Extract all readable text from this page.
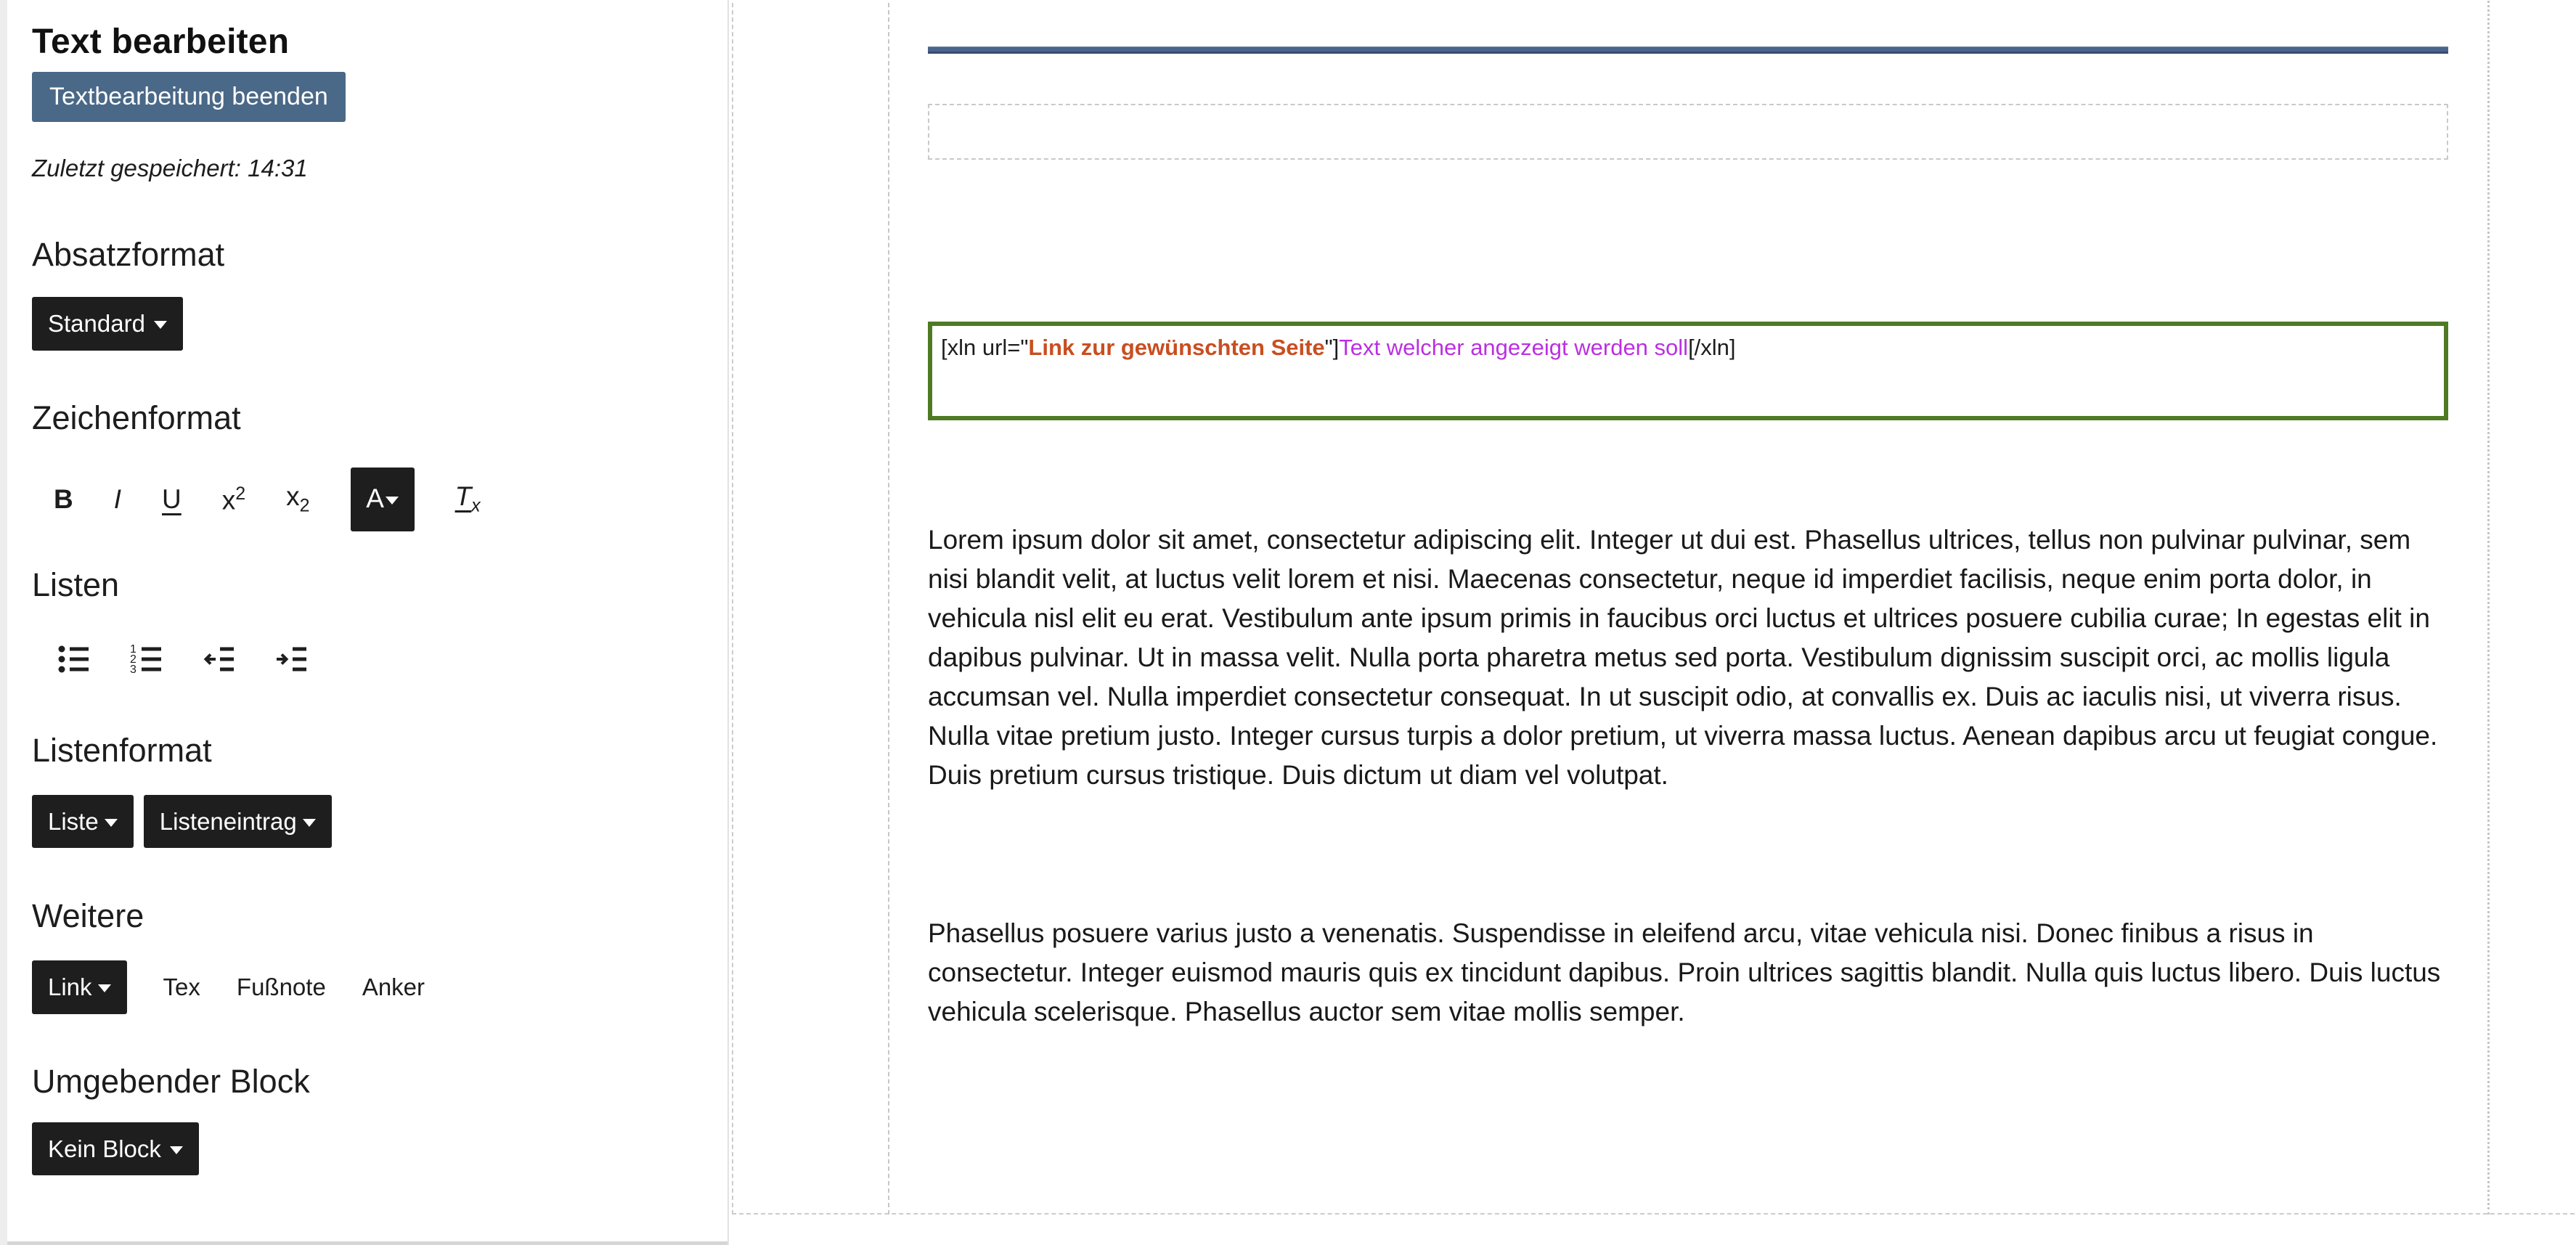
Text bearbeiten
Textbearbeitung beenden

Zuletzt gespeichert: 14:31

Absatzformat
Standard
Zeichenformat
B I U $x^2$ $x_2$ A	$T_x$
Listen
1
2
3
Listenformat
Liste	Listeneintrag
Weitere
Link	Tex Fußnote Anker
Umgebender Block
Kein Block
[xln url="Link zur gewünschten Seite"]Text welcher angezeigt werden soll[/xln]

Lorem ipsum dolor sit amet, consectetur adipiscing elit. Integer ut dui est. Phasellus ultrices, tellus non pulvinar pulvinar, sem nisi blandit velit, at luctus velit lorem et nisi. Maecenas consectetur, neque id imperdiet facilisis, neque enim porta dolor, in vehicula nisl elit eu erat. Vestibulum ante ipsum primis in faucibus orci luctus et ultrices posuere cubilia curae; In egestas elit in dapibus pulvinar. Ut in massa velit. Nulla porta pharetra metus sed porta. Vestibulum dignissim suscipit orci, ac mollis ligula accumsan vel. Nulla imperdiet consectetur consequat. In ut suscipit odio, at convallis ex. Duis ac iaculis nisi, ut viverra risus. Nulla vitae pretium justo. Integer cursus turpis a dolor pretium, ut viverra massa luctus. Aenean dapibus arcu ut feugiat congue. Duis pretium cursus tristique. Duis dictum ut diam vel volutpat.

Phasellus posuere varius justo a venenatis. Suspendisse in eleifend arcu, vitae vehicula nisi. Donec finibus a risus in consectetur. Integer euismod mauris quis ex tincidunt dapibus. Proin ultrices sagittis blandit. Nulla quis luctus libero. Duis luctus vehicula scelerisque. Phasellus auctor sem vitae mollis semper.
